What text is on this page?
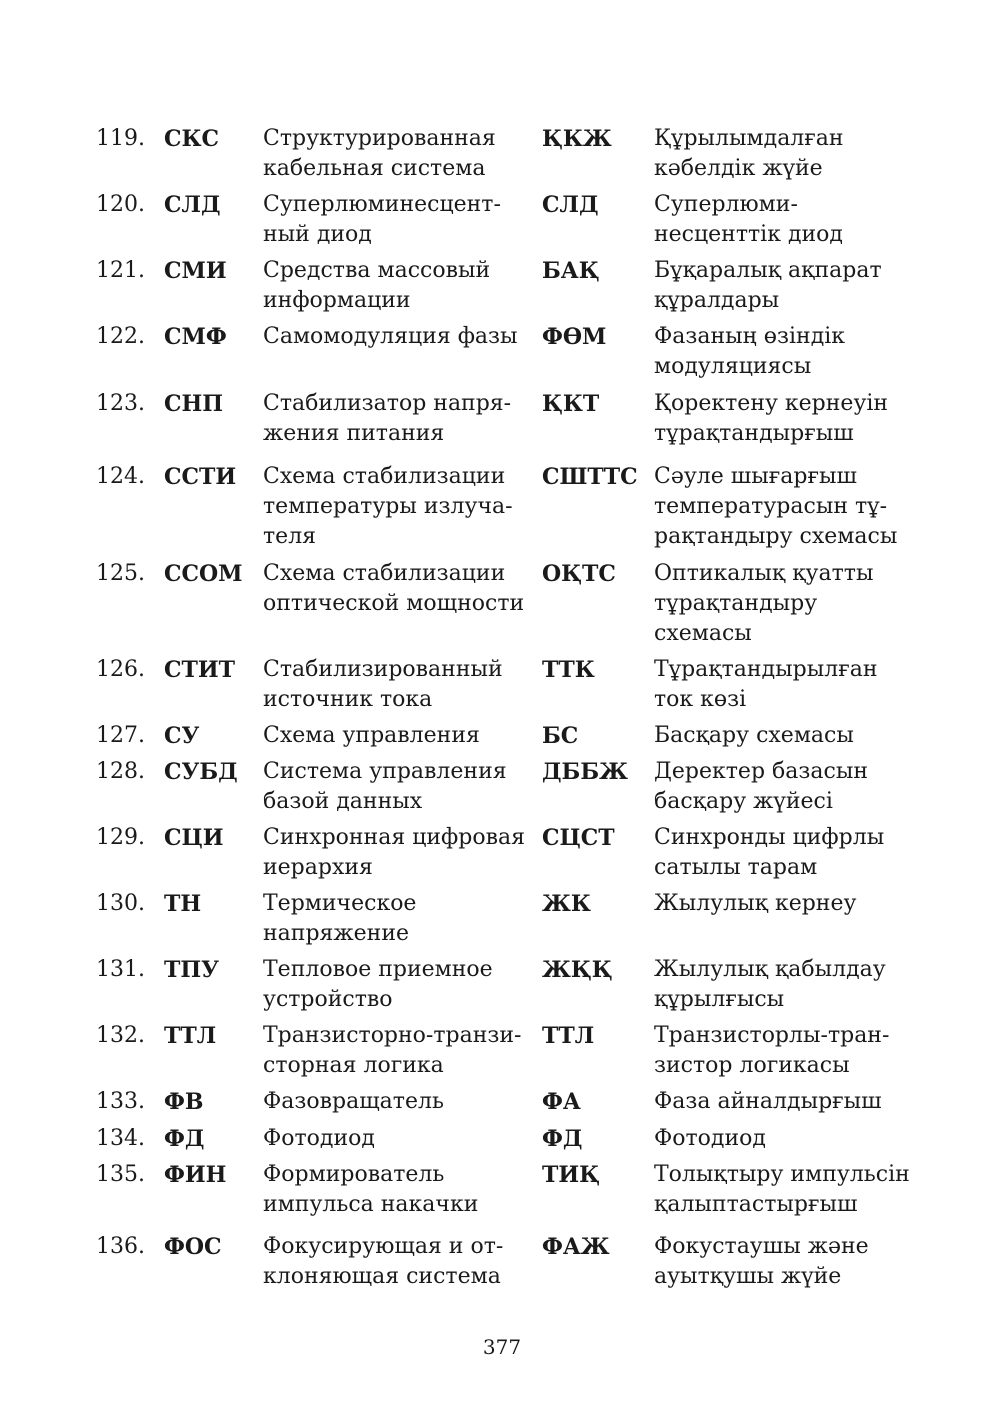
119. СКС	Структурированная
кабельная система
ҚКЖ	Құрылымдалған
кәбелдік жүйе
120. СЛД	Суперлюминесцент-
ный диод
СЛД	Суперлюми-
несценттік диод
121. СМИ	Средства массовый
информации
БАҚ	Бұқаралық ақпарат
құралдары
122. СМФ	Самомодуляция фазы	ФӨМ	Фазаның өзіндік
модуляциясы
123. СНП	Стабилизатор напря-
жения питания
ҚКТ	Қоректену кернеуін
тұрақтандырғыш
124. ССТИ	Схема стабилизации
температуры излуча-
теля
СШТТС Сәуле шығарғыш
температурасын тұ-
рақтандыру схемасы
125. ССОМ Схема стабилизации
оптической мощности
ОҚТС	Оптикалық қуатты
тұрақтандыру
схемасы
126. СТИТ	Стабилизированный
источник тока
ТТК	Тұрақтандырылған
ток көзі
127. СУ	Схема управления	БС	Басқару схемасы
128. СУБД	Система управления
базой данных
ДББЖ	Деректер базасын
басқару жүйесі
129. СЦИ	Синхронная цифровая
иерархия
СЦСТ	Синхронды цифрлы
сатылы тарам
130. ТН	Термическое
напряжение
ЖК	Жылулық кернеу
131. ТПУ	Тепловое приемное
устройство
ЖҚҚ	Жылулық қабылдау
құрылғысы
132. ТТЛ	Транзисторно-транзи-
сторная логика
ТТЛ	Транзисторлы-тран-
зистор логикасы
133. ФВ	Фазовращатель	ФА	Фаза айналдырғыш
134. ФД	Фотодиод	ФД	Фотодиод
135. ФИН	Формирователь
импульса накачки
ТИҚ	Толықтыру импульсін
қалыптастырғыш
136. ФОС	Фокусирующая и от-
клоняющая система
ФАЖ	Фокустаушы және
ауытқушы жүйе
377
